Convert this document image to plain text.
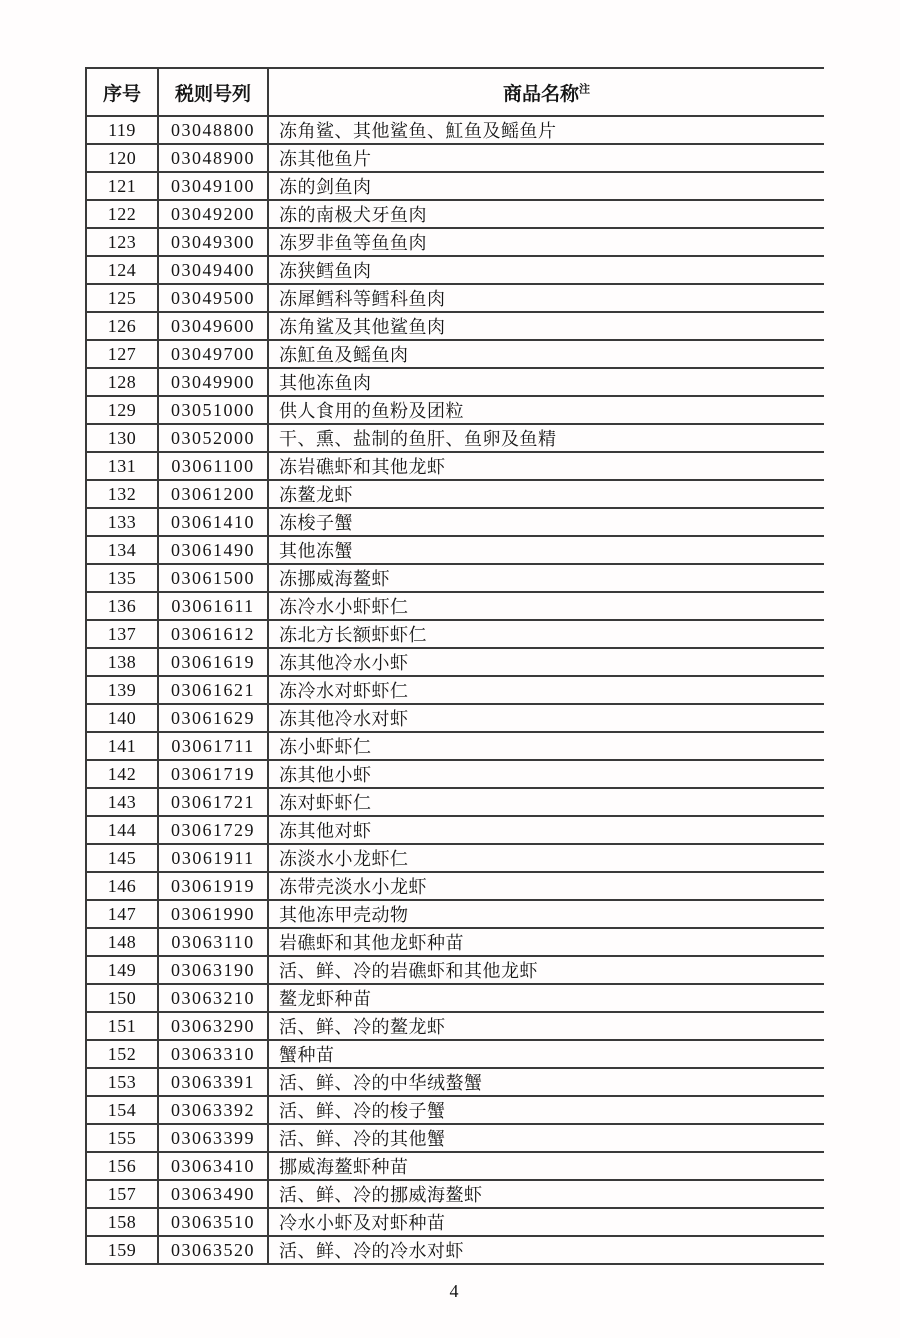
序号	税则号列	商品名称$^注$
119	03048800	冻角鲨、其他鲨鱼、魟鱼及鳐鱼片
120	03048900	冻其他鱼片
121	03049100	冻的剑鱼肉
122	03049200	冻的南极犬牙鱼肉
123	03049300	冻罗非鱼等鱼鱼肉
124	03049400	冻狭鳕鱼肉
125	03049500	冻犀鳕科等鳕科鱼肉
126	03049600	冻角鲨及其他鲨鱼肉
127	03049700	冻魟鱼及鳐鱼肉
128	03049900	其他冻鱼肉
129	03051000	供人食用的鱼粉及团粒
130	03052000	干、熏、盐制的鱼肝、鱼卵及鱼精
131	03061100	冻岩礁虾和其他龙虾
132	03061200	冻鳌龙虾
133	03061410	冻梭子蟹
134	03061490	其他冻蟹
135	03061500	冻挪威海鳌虾
136	03061611	冻冷水小虾虾仁
137	03061612	冻北方长额虾虾仁
138	03061619	冻其他冷水小虾
139	03061621	冻冷水对虾虾仁
140	03061629	冻其他冷水对虾
141	03061711	冻小虾虾仁
142	03061719	冻其他小虾
143	03061721	冻对虾虾仁
144	03061729	冻其他对虾
145	03061911	冻淡水小龙虾仁
146	03061919	冻带壳淡水小龙虾
147	03061990	其他冻甲壳动物
148	03063110	岩礁虾和其他龙虾种苗
149	03063190	活、鲜、冷的岩礁虾和其他龙虾
150	03063210	鳌龙虾种苗
151	03063290	活、鲜、冷的鳌龙虾
152	03063310	蟹种苗
153	03063391	活、鲜、冷的中华绒螯蟹
154	03063392	活、鲜、冷的梭子蟹
155	03063399	活、鲜、冷的其他蟹
156	03063410	挪威海鳌虾种苗
157	03063490	活、鲜、冷的挪威海鳌虾
158	03063510	冷水小虾及对虾种苗
159	03063520	活、鲜、冷的冷水对虾
4
